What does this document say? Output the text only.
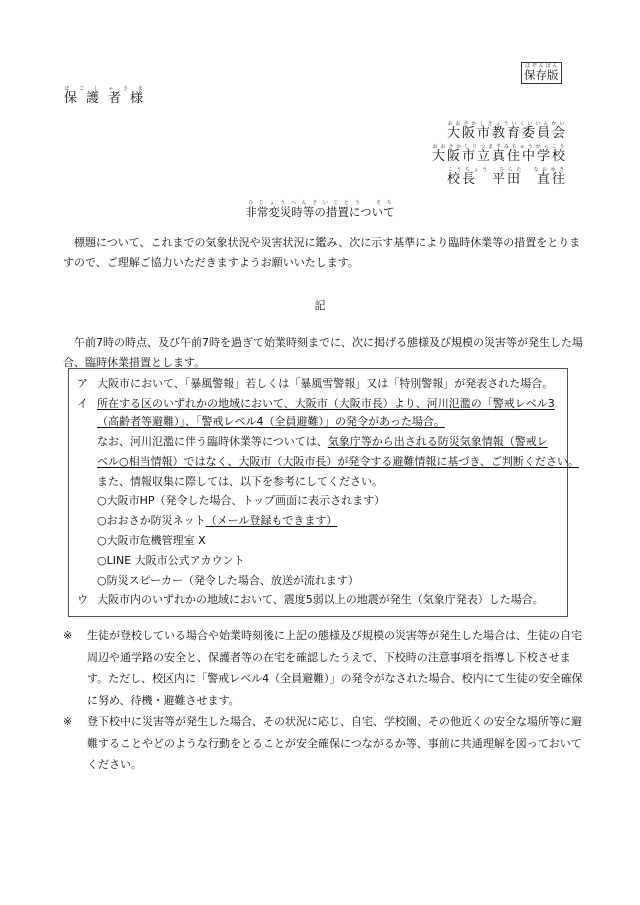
保存版ほぞんばん
保護者様ほごしゃさま
大阪市教育委員会おおさかしきょういくいいんかい
大阪市立真住中学校おおさかしりつますみちゅうがっこう
校長　平田　直往こうちょう　ひらた　なおゆき
非常変災時等の措置についてひじょうへんさいじとう　そち
標題について、これまでの気象状況や災害状況に鑑み、次に示す基準により臨時休業等の措置をとりますので、ご理解ご協力いただきますようお願いいたします。
記
午前7時の時点、及び午前7時を過ぎて始業時刻までに、次に掲げる態様及び規模の災害等が発生した場合、臨時休業措置とします。
ア 大阪市において、「暴風警報」若しくは「暴風雪警報」又は「特別警報」が発表された場合。
イ 所在する区のいずれかの地域において、大阪市（大阪市長）より、河川氾濫の「警戒レベル3
（高齢者等避難）」、「警戒レベル4（全員避難）」の発令があった場合。
なお、河川氾濫に伴う臨時休業等については、気象庁等から出される防災気象情報（警戒レ
ベル○相当情報）ではなく、大阪市（大阪市長）が発令する避難情報に基づき、ご判断ください。
また、情報収集に際しては、以下を参考にしてください。
○大阪市HP（発令した場合、トップ画面に表示されます）
○おおさか防災ネット（メール登録もできます）
○大阪市危機管理室 X
○LINE 大阪市公式アカウント
○防災スピーカー（発令した場合、放送が流れます）
ウ 大阪市内のいずれかの地域において、震度5弱以上の地震が発生（気象庁発表）した場合。
※ 生徒が登校している場合や始業時刻後に上記の態様及び規模の災害等が発生した場合は、生徒の自宅周辺や通学路の安全と、保護者等の在宅を確認したうえで、下校時の注意事項を指導し下校させます。ただし、校区内に「警戒レベル4（全員避難）」の発令がなされた場合、校内にて生徒の安全確保に努め、待機・避難させます。
※ 登下校中に災害等が発生した場合、その状況に応じ、自宅、学校園、その他近くの安全な場所等に避難することやどのような行動をとることが安全確保につながるか等、事前に共通理解を図っておいてください。
